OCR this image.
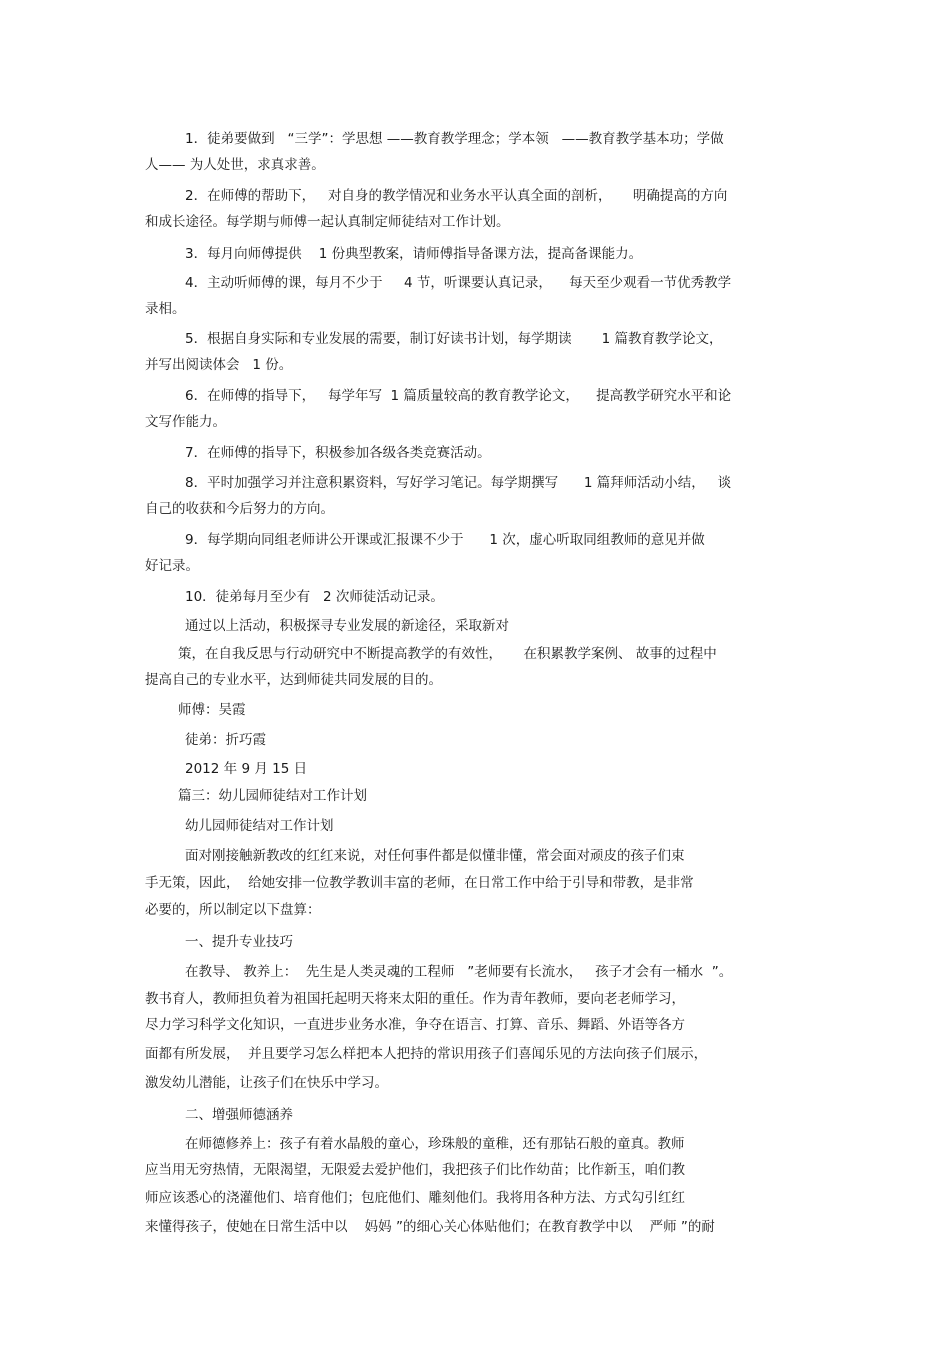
1．徒弟要做到   “三学”：学思想 ——教育教学理念；学本领   ——教育教学基本功；学做
人—— 为人处世，求真求善。
2．在师傅的帮助下，   对自身的教学情况和业务水平认真全面的剖析，     明确提高的方向
和成长途径。每学期与师傅一起认真制定师徒结对工作计划。
3．每月向师傅提供    1 份典型教案，请师傅指导备课方法，提高备课能力。
4．主动听师傅的课，每月不少于     4 节，听课要认真记录，    每天至少观看一节优秀教学
录相。
5．根据自身实际和专业发展的需要，制订好读书计划，每学期读       1 篇教育教学论文，
并写出阅读体会   1 份。
6．在师傅的指导下，   每学年写  1 篇质量较高的教育教学论文，    提高教学研究水平和论
文写作能力。
7．在师傅的指导下，积极参加各级各类竞赛活动。
8．平时加强学习并注意积累资料，写好学习笔记。每学期撰写      1 篇拜师活动小结，   谈
自己的收获和今后努力的方向。
9．每学期向同组老师讲公开课或汇报课不少于      1 次，虚心听取同组教师的意见并做
好记录。
10．徒弟每月至少有   2 次师徒活动记录。
通过以上活动，积极探寻专业发展的新途径，采取新对
策，在自我反思与行动研究中不断提高教学的有效性，     在积累教学案例、 故事的过程中
提高自己的专业水平，达到师徒共同发展的目的。
师傅：吴霞
徒弟：折巧霞
2012 年 9 月 15 日
篇三：幼儿园师徒结对工作计划
幼儿园师徒结对工作计划
面对刚接触新教改的红红来说，对任何事件都是似懂非懂，常会面对顽皮的孩子们束
手无策，因此，  给她安排一位教学教训丰富的老师，在日常工作中给于引导和带教，是非常
必要的，所以制定以下盘算：
一、提升专业技巧
在教导、 教养上：  先生是人类灵魂的工程师   ”老师要有长流水，   孩子才会有一桶水  ”。
教书育人，教师担负着为祖国托起明天将来太阳的重任。作为青年教师，要向老老师学习，
尽力学习科学文化知识，一直进步业务水准，争夺在语言、打算、音乐、舞蹈、外语等各方
面都有所发展，  并且要学习怎么样把本人把持的常识用孩子们喜闻乐见的方法向孩子们展示，
激发幼儿潜能，让孩子们在快乐中学习。
二、增强师德涵养
在师德修养上：孩子有着水晶般的童心，珍珠般的童稚，还有那钻石般的童真。教师
应当用无穷热情，无限渴望，无限爱去爱护他们，我把孩子们比作幼苗；比作新玉，咱们教
师应该悉心的浇灌他们、培育他们；包庇他们、雕刻他们。我将用各种方法、方式勾引红红
来懂得孩子，使她在日常生活中以    妈妈 ”的细心关心体贴他们；在教育教学中以    严师 ”的耐
